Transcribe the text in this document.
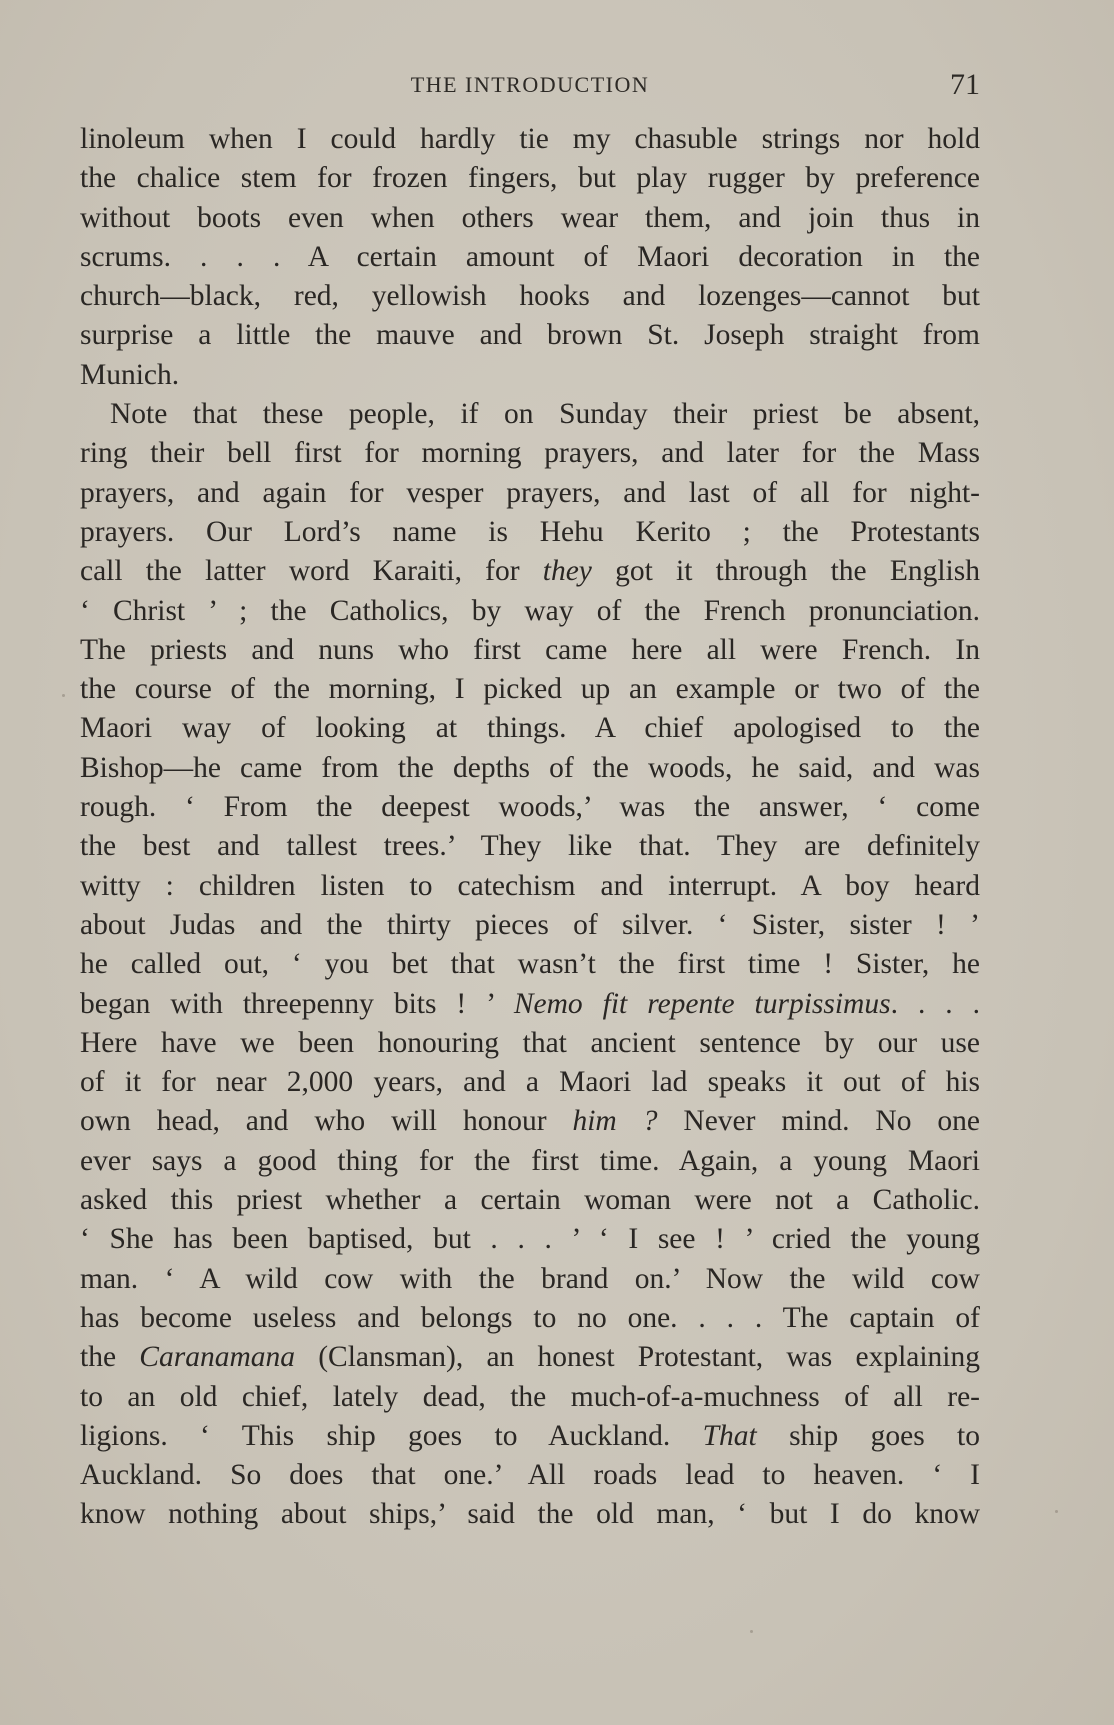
THE INTRODUCTION	71
linoleum when I could hardly tie my chasuble strings nor hold
the chalice stem for frozen fingers, but play rugger by preference
without boots even when others wear them, and join thus in
scrums. . . . A certain amount of Maori decoration in the
church—black, red, yellowish hooks and lozenges—cannot but
surprise a little the mauve and brown St. Joseph straight from
Munich.
Note that these people, if on Sunday their priest be absent,
ring their bell first for morning prayers, and later for the Mass
prayers, and again for vesper prayers, and last of all for night-
prayers. Our Lord’s name is Hehu Kerito ; the Protestants
call the latter word Karaiti, for they got it through the English
‘ Christ ’ ; the Catholics, by way of the French pronunciation.
The priests and nuns who first came here all were French. In
the course of the morning, I picked up an example or two of the
Maori way of looking at things. A chief apologised to the
Bishop—he came from the depths of the woods, he said, and was
rough. ‘ From the deepest woods,’ was the answer, ‘ come
the best and tallest trees.’ They like that. They are definitely
witty : children listen to catechism and interrupt. A boy heard
about Judas and the thirty pieces of silver. ‘ Sister, sister ! ’
he called out, ‘ you bet that wasn’t the first time ! Sister, he
began with threepenny bits ! ’ Nemo fit repente turpissimus. . . .
Here have we been honouring that ancient sentence by our use
of it for near 2,000 years, and a Maori lad speaks it out of his
own head, and who will honour him ? Never mind. No one
ever says a good thing for the first time. Again, a young Maori
asked this priest whether a certain woman were not a Catholic.
‘ She has been baptised, but . . . ’ ‘ I see ! ’ cried the young
man. ‘ A wild cow with the brand on.’ Now the wild cow
has become useless and belongs to no one. . . . The captain of
the Caranamana (Clansman), an honest Protestant, was explaining
to an old chief, lately dead, the much-of-a-muchness of all re-
ligions. ‘ This ship goes to Auckland. That ship goes to
Auckland. So does that one.’ All roads lead to heaven. ‘ I
know nothing about ships,’ said the old man, ‘ but I do know
